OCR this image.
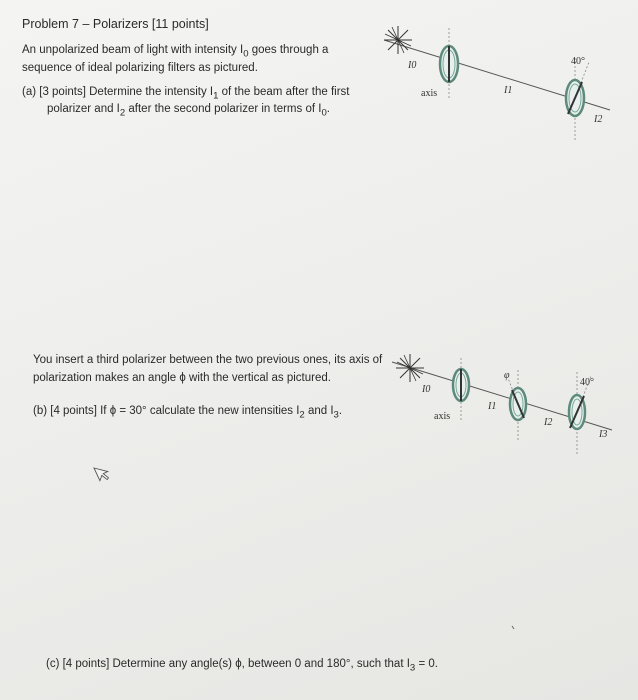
Problem 7 – Polarizers [11 points]

An unpolarized beam of light with intensity $I_0$ goes through a

sequence of ideal polarizing filters as pictured.

(a) [3 points] Determine the intensity $I_1$ of the beam after the first

polarizer and $I_2$ after the second polarizer in terms of $I_0$.

You insert a third polarizer between the two previous ones, its axis of

polarization makes an angle ϕ with the vertical as pictured.

(b) [4 points] If ϕ = 30° calculate the new intensities $I_2$ and $I_3$.

(c) [4 points] Determine any angle(s) ϕ, between 0 and 180°, such that $I_3 = 0$.

I0
axis	I1
40°
I2
I0
axis
I1
φ
I2
40°
I3
